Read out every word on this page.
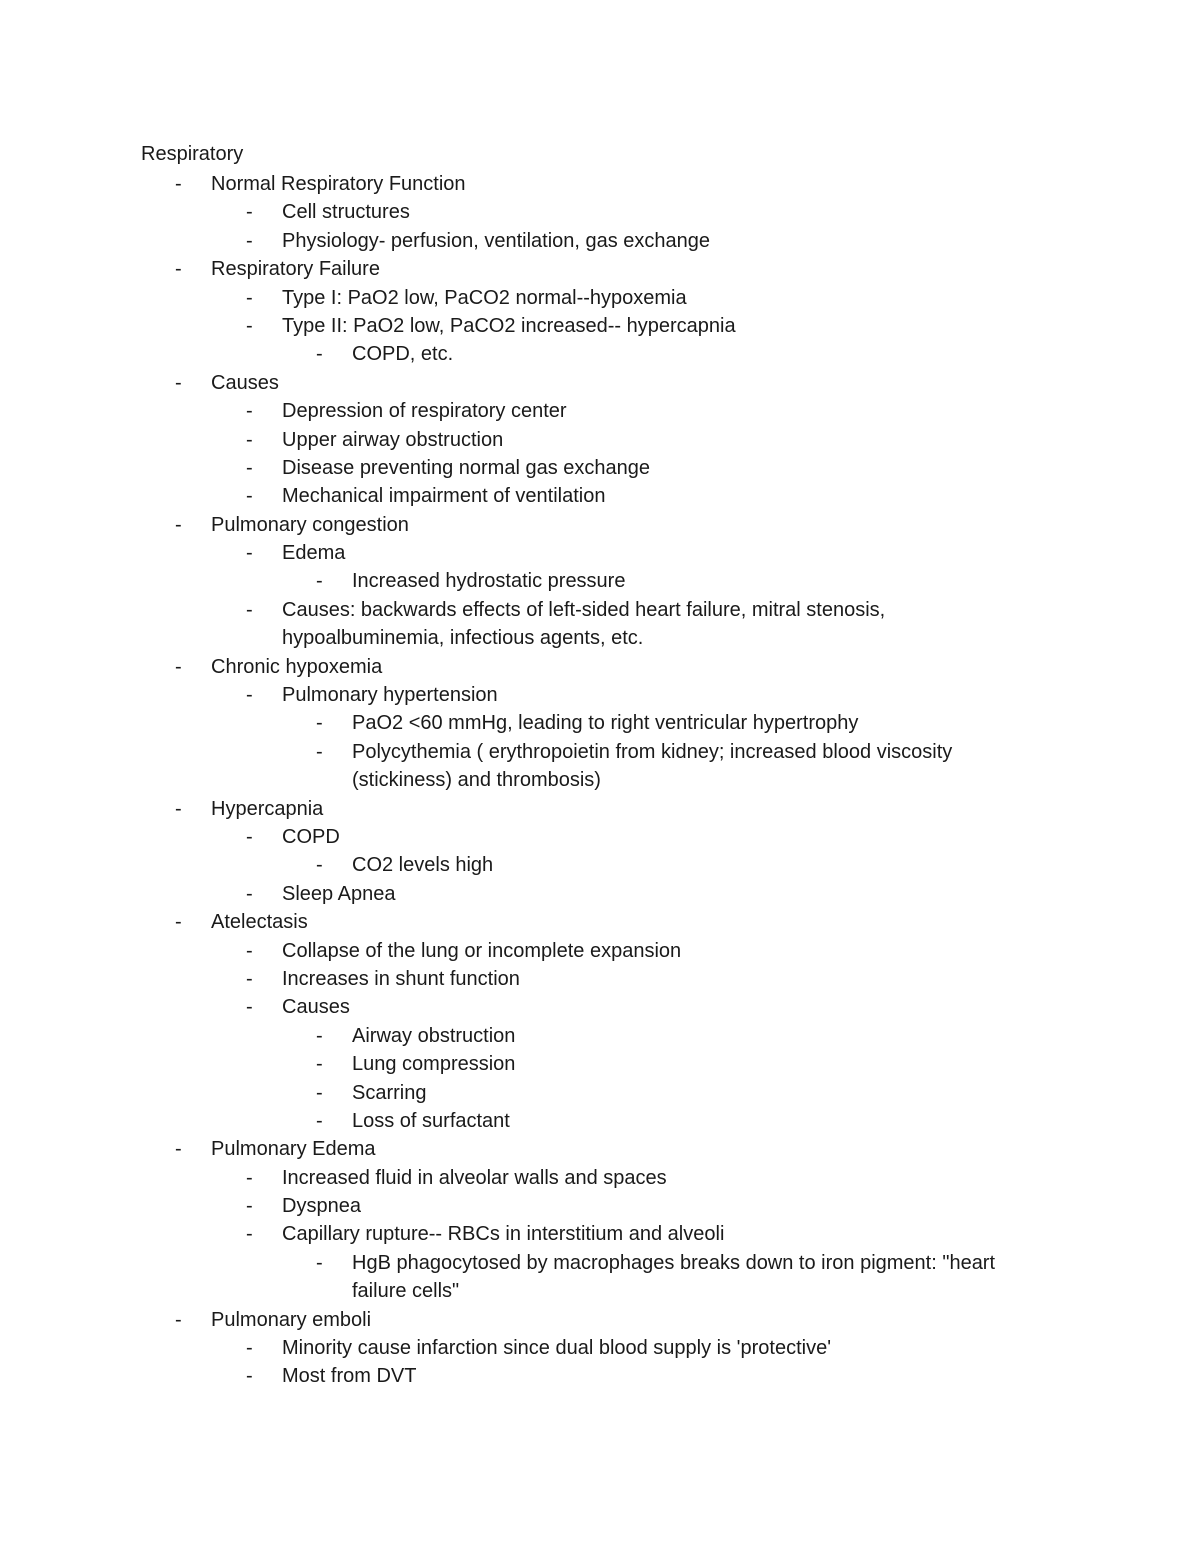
Respiratory
- Normal Respiratory Function
- Cell structures
- Physiology- perfusion, ventilation, gas exchange
- Respiratory Failure
- Type I: PaO2 low, PaCO2 normal--hypoxemia
- Type II: PaO2 low, PaCO2 increased-- hypercapnia
- COPD, etc.
- Causes
- Depression of respiratory center
- Upper airway obstruction
- Disease preventing normal gas exchange
- Mechanical impairment of ventilation
- Pulmonary congestion
- Edema
- Increased hydrostatic pressure
- Causes: backwards effects of left-sided heart failure, mitral stenosis,
hypoalbuminemia, infectious agents, etc.
- Chronic hypoxemia
- Pulmonary hypertension
- PaO2 <60 mmHg, leading to right ventricular hypertrophy
- Polycythemia ( erythropoietin from kidney; increased blood viscosity
(stickiness) and thrombosis)
- Hypercapnia
- COPD
- CO2 levels high
- Sleep Apnea
- Atelectasis
- Collapse of the lung or incomplete expansion
- Increases in shunt function
- Causes
- Airway obstruction
- Lung compression
- Scarring
- Loss of surfactant
- Pulmonary Edema
- Increased fluid in alveolar walls and spaces
- Dyspnea
- Capillary rupture-- RBCs in interstitium and alveoli
- HgB phagocytosed by macrophages breaks down to iron pigment: "heart
failure cells"
- Pulmonary emboli
- Minority cause infarction since dual blood supply is 'protective'
- Most from DVT
